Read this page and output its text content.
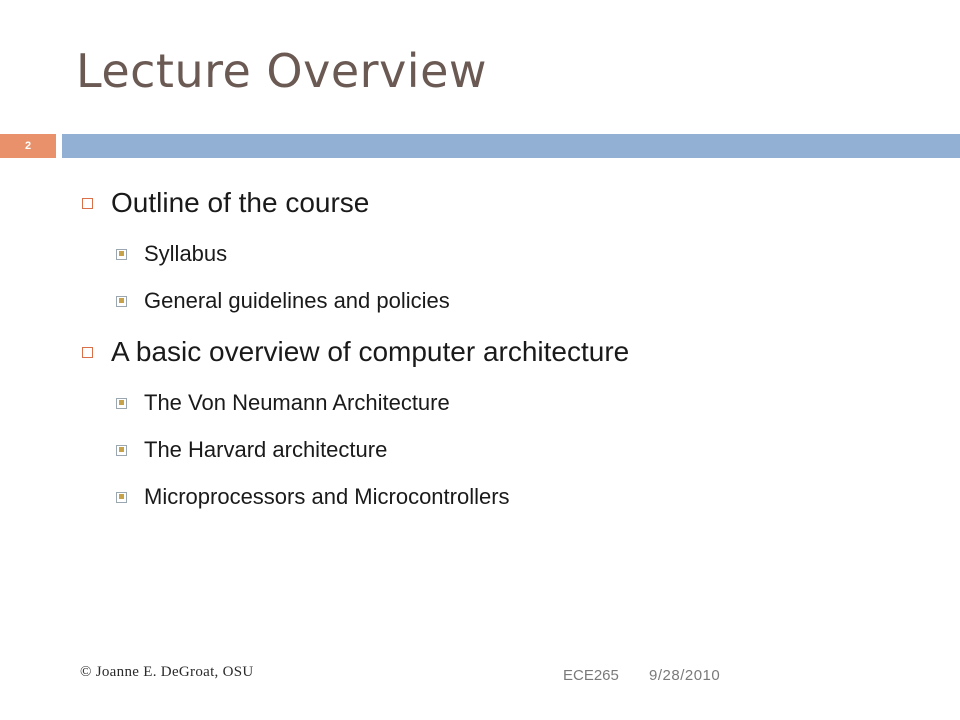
Lecture Overview
2
Outline of the course
Syllabus
General guidelines and policies
A basic overview of computer architecture
The Von Neumann Architecture
The Harvard architecture
Microprocessors and Microcontrollers
© Joanne E. DeGroat, OSU	ECE265 9/28/2010
